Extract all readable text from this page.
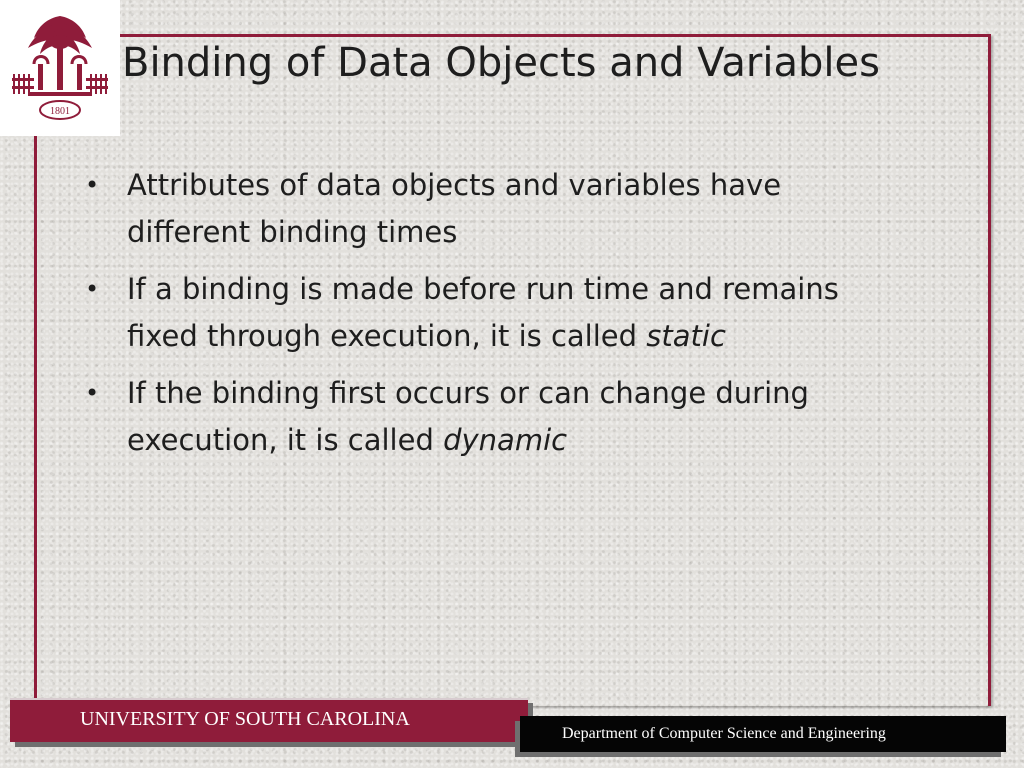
1801
Binding of Data Objects and Variables
• Attributes of data objects and variables have different binding times
• If a binding is made before run time and remains fixed through execution, it is called static
• If the binding first occurs or can change during execution, it is called dynamic
UNIVERSITY OF SOUTH CAROLINA
Department of Computer Science and Engineering
